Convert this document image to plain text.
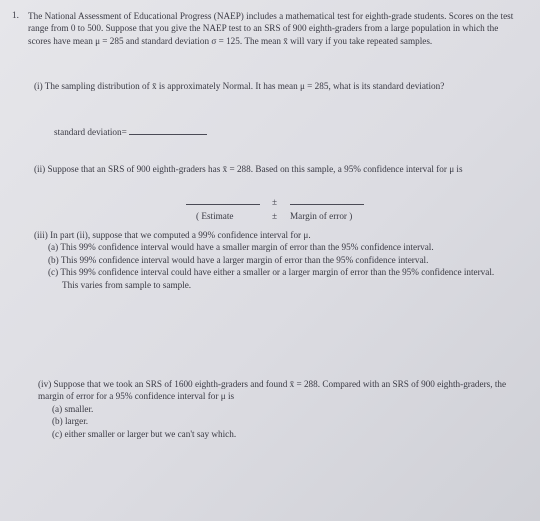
1. The National Assessment of Educational Progress (NAEP) includes a mathematical test for eighth-grade students. Scores on the test range from 0 to 500. Suppose that you give the NAEP test to an SRS of 900 eighth-graders from a large population in which the scores have mean μ = 285 and standard deviation σ = 125. The mean x̄ will vary if you take repeated samples.
(i) The sampling distribution of x̄ is approximately Normal. It has mean μ = 285, what is its standard deviation?
standard deviation=
(ii) Suppose that an SRS of 900 eighth-graders has x̄ = 288. Based on this sample, a 95% confidence interval for μ is
±
( Estimate	± Margin of error )
(iii) In part (ii), suppose that we computed a 99% confidence interval for μ.
(a) This 99% confidence interval would have a smaller margin of error than the 95% confidence interval.
(b) This 99% confidence interval would have a larger margin of error than the 95% confidence interval.
(c) This 99% confidence interval could have either a smaller or a larger margin of error than the 95% confidence interval. This varies from sample to sample.
(iv) Suppose that we took an SRS of 1600 eighth-graders and found x̄ = 288. Compared with an SRS of 900 eighth-graders, the margin of error for a 95% confidence interval for μ is
(a) smaller.
(b) larger.
(c) either smaller or larger but we can't say which.
